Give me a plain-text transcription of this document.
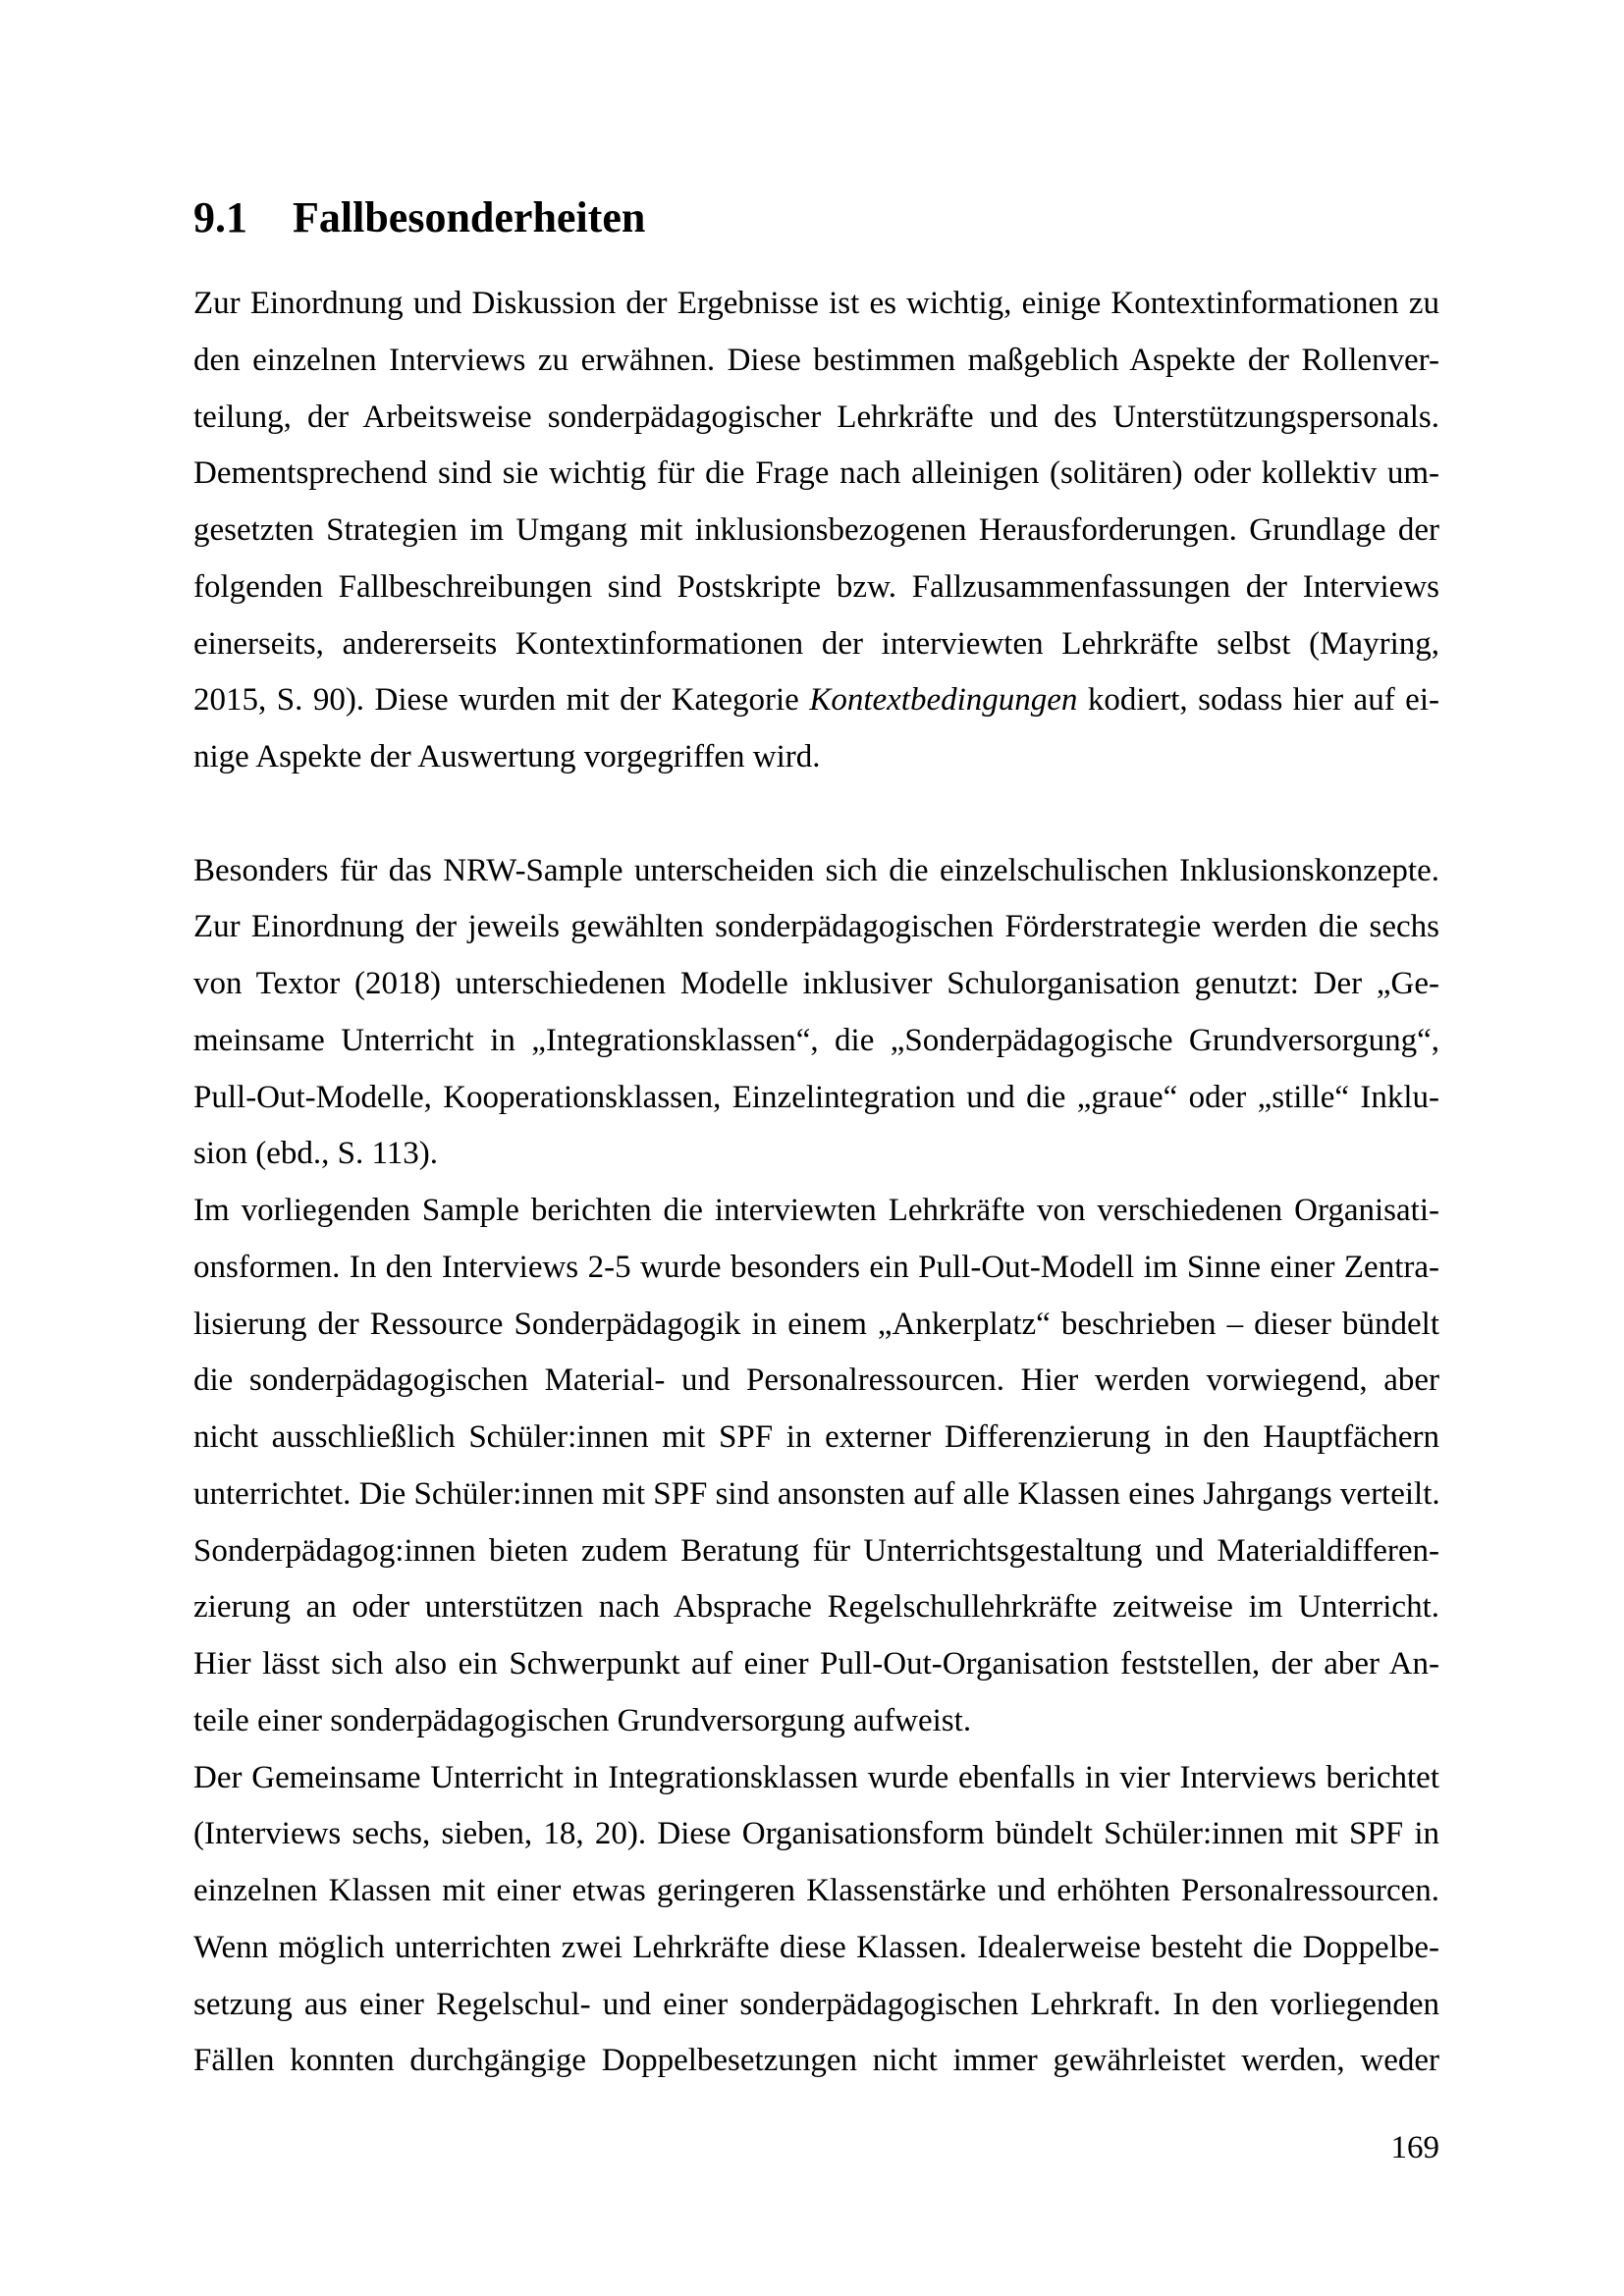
9.1 Fallbesonderheiten
Zur Einordnung und Diskussion der Ergebnisse ist es wichtig, einige Kontextinformationen zu
den einzelnen Interviews zu erwähnen. Diese bestimmen maßgeblich Aspekte der Rollenver-
teilung, der Arbeitsweise sonderpädagogischer Lehrkräfte und des Unterstützungspersonals.
Dementsprechend sind sie wichtig für die Frage nach alleinigen (solitären) oder kollektiv um-
gesetzten Strategien im Umgang mit inklusionsbezogenen Herausforderungen. Grundlage der
folgenden Fallbeschreibungen sind Postskripte bzw. Fallzusammenfassungen der Interviews
einerseits, andererseits Kontextinformationen der interviewten Lehrkräfte selbst (Mayring,
2015, S. 90). Diese wurden mit der Kategorie Kontextbedingungen kodiert, sodass hier auf ei-
nige Aspekte der Auswertung vorgegriffen wird.
Besonders für das NRW-Sample unterscheiden sich die einzelschulischen Inklusionskonzepte.
Zur Einordnung der jeweils gewählten sonderpädagogischen Förderstrategie werden die sechs
von Textor (2018) unterschiedenen Modelle inklusiver Schulorganisation genutzt: Der „Ge-
meinsame Unterricht in „Integrationsklassen“, die „Sonderpädagogische Grundversorgung“,
Pull-Out-Modelle, Kooperationsklassen, Einzelintegration und die „graue“ oder „stille“ Inklu-
sion (ebd., S. 113).
Im vorliegenden Sample berichten die interviewten Lehrkräfte von verschiedenen Organisati-
onsformen. In den Interviews 2-5 wurde besonders ein Pull-Out-Modell im Sinne einer Zentra-
lisierung der Ressource Sonderpädagogik in einem „Ankerplatz“ beschrieben – dieser bündelt
die sonderpädagogischen Material- und Personalressourcen. Hier werden vorwiegend, aber
nicht ausschließlich Schüler:innen mit SPF in externer Differenzierung in den Hauptfächern
unterrichtet. Die Schüler:innen mit SPF sind ansonsten auf alle Klassen eines Jahrgangs verteilt.
Sonderpädagog:innen bieten zudem Beratung für Unterrichtsgestaltung und Materialdifferen-
zierung an oder unterstützen nach Absprache Regelschullehrkräfte zeitweise im Unterricht.
Hier lässt sich also ein Schwerpunkt auf einer Pull-Out-Organisation feststellen, der aber An-
teile einer sonderpädagogischen Grundversorgung aufweist.
Der Gemeinsame Unterricht in Integrationsklassen wurde ebenfalls in vier Interviews berichtet
(Interviews sechs, sieben, 18, 20). Diese Organisationsform bündelt Schüler:innen mit SPF in
einzelnen Klassen mit einer etwas geringeren Klassenstärke und erhöhten Personalressourcen.
Wenn möglich unterrichten zwei Lehrkräfte diese Klassen. Idealerweise besteht die Doppelbe-
setzung aus einer Regelschul- und einer sonderpädagogischen Lehrkraft. In den vorliegenden
Fällen konnten durchgängige Doppelbesetzungen nicht immer gewährleistet werden, weder
169
